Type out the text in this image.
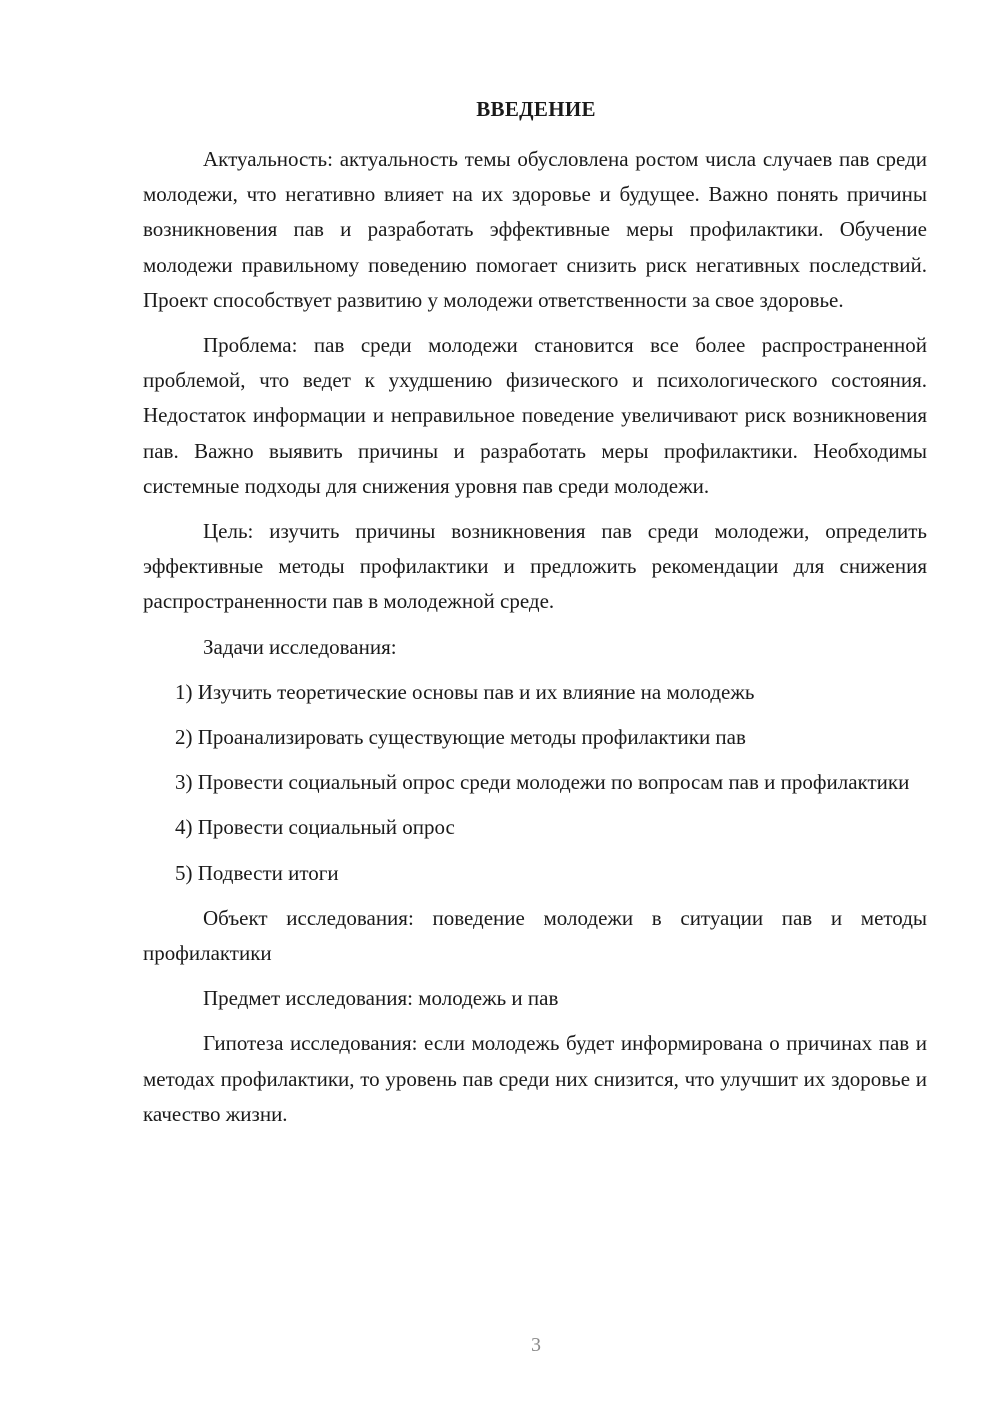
ВВЕДЕНИЕ

Актуальность: актуальность темы обусловлена ростом числа случаев пав среди молодежи, что негативно влияет на их здоровье и будущее. Важно понять причины возникновения пав и разработать эффективные меры профилактики. Обучение молодежи правильному поведению помогает снизить риск негативных последствий. Проект способствует развитию у молодежи ответственности за свое здоровье.

Проблема: пав среди молодежи становится все более распространенной проблемой, что ведет к ухудшению физического и психологического состояния. Недостаток информации и неправильное поведение увеличивают риск возникновения пав. Важно выявить причины и разработать меры профилактики. Необходимы системные подходы для снижения уровня пав среди молодежи.

Цель: изучить причины возникновения пав среди молодежи, определить эффективные методы профилактики и предложить рекомендации для снижения распространенности пав в молодежной среде.

Задачи исследования:

1) Изучить теоретические основы пав и их влияние на молодежь

2) Проанализировать существующие методы профилактики пав

3) Провести социальный опрос среди молодежи по вопросам пав и профилактики

4) Провести социальный опрос

5) Подвести итоги

Объект исследования: поведение молодежи в ситуации пав и методы профилактики

Предмет исследования: молодежь и пав

Гипотеза исследования: если молодежь будет информирована о причинах пав и методах профилактики, то уровень пав среди них снизится, что улучшит их здоровье и качество жизни.

3
